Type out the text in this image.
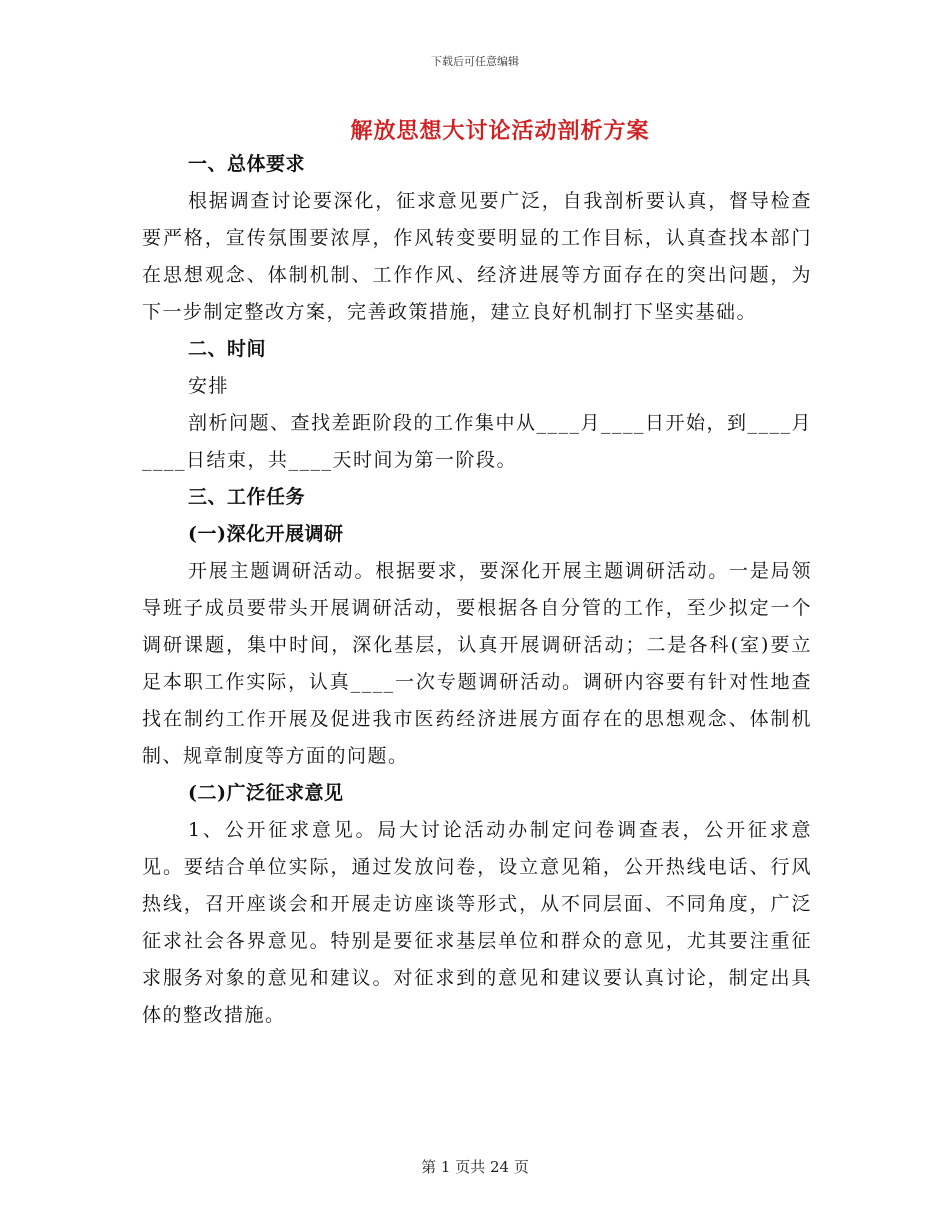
下载后可任意编辑
解放思想大讨论活动剖析方案

一、总体要求

根据调查讨论要深化，征求意见要广泛，自我剖析要认真，督导检查要严格，宣传氛围要浓厚，作风转变要明显的工作目标，认真查找本部门在思想观念、体制机制、工作作风、经济进展等方面存在的突出问题，为下一步制定整改方案，完善政策措施，建立良好机制打下坚实基础。

二、时间

安排

剖析问题、查找差距阶段的工作集中从____月____日开始，到____月____日结束，共____天时间为第一阶段。

三、工作任务

(一)深化开展调研

开展主题调研活动。根据要求，要深化开展主题调研活动。一是局领导班子成员要带头开展调研活动，要根据各自分管的工作，至少拟定一个调研课题，集中时间，深化基层，认真开展调研活动；二是各科(室)要立足本职工作实际，认真____一次专题调研活动。调研内容要有针对性地查找在制约工作开展及促进我市医药经济进展方面存在的思想观念、体制机制、规章制度等方面的问题。

(二)广泛征求意见

1、公开征求意见。局大讨论活动办制定问卷调查表，公开征求意见。要结合单位实际，通过发放问卷，设立意见箱，公开热线电话、行风热线，召开座谈会和开展走访座谈等形式，从不同层面、不同角度，广泛征求社会各界意见。特别是要征求基层单位和群众的意见，尤其要注重征求服务对象的意见和建议。对征求到的意见和建议要认真讨论，制定出具体的整改措施。

第 1 页共 24 页
